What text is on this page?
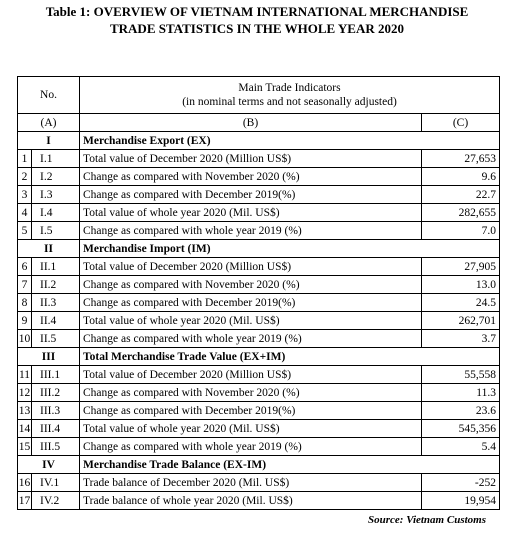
Table 1: OVERVIEW OF VIETNAM INTERNATIONAL MERCHANDISE
TRADE STATISTICS IN THE WHOLE YEAR 2020
No.		Main Trade Indicators
(in nominal terms and not seasonally adjusted)	

(A)		(B)	(C)
I		Merchandise Export (EX)	
1	I.1	Total value of December 2020 (Million US$)	27,653
2	I.2	Change as compared with November 2020 (%)	9.6
3	I.3	Change as compared with December 2019(%)	22.7
4	I.4	Total value of whole year 2020 (Mil. US$)	282,655
5	I.5	Change as compared with whole year 2019 (%)	7.0
II		Merchandise Import (IM)	
6	II.1	Total value of December 2020 (Million US$)	27,905
7	II.2	Change as compared with November 2020 (%)	13.0
8	II.3	Change as compared with December 2019(%)	24.5
9	II.4	Total value of whole year 2020 (Mil. US$)	262,701
10	II.5	Change as compared with whole year 2019 (%)	3.7
III		Total Merchandise Trade Value (EX+IM)	
11	III.1	Total value of December 2020 (Million US$)	55,558
12	III.2	Change as compared with November 2020 (%)	11.3
13	III.3	Change as compared with December 2019(%)	23.6
14	III.4	Total value of whole year 2020 (Mil. US$)	545,356
15	III.5	Change as compared with whole year 2019 (%)	5.4
IV		Merchandise Trade Balance (EX-IM)	
16	IV.1	Trade balance of December 2020 (Mil. US$)	-252
17	IV.2	Trade balance of whole year 2020 (Mil. US$)	19,954
Source: Vietnam Customs
